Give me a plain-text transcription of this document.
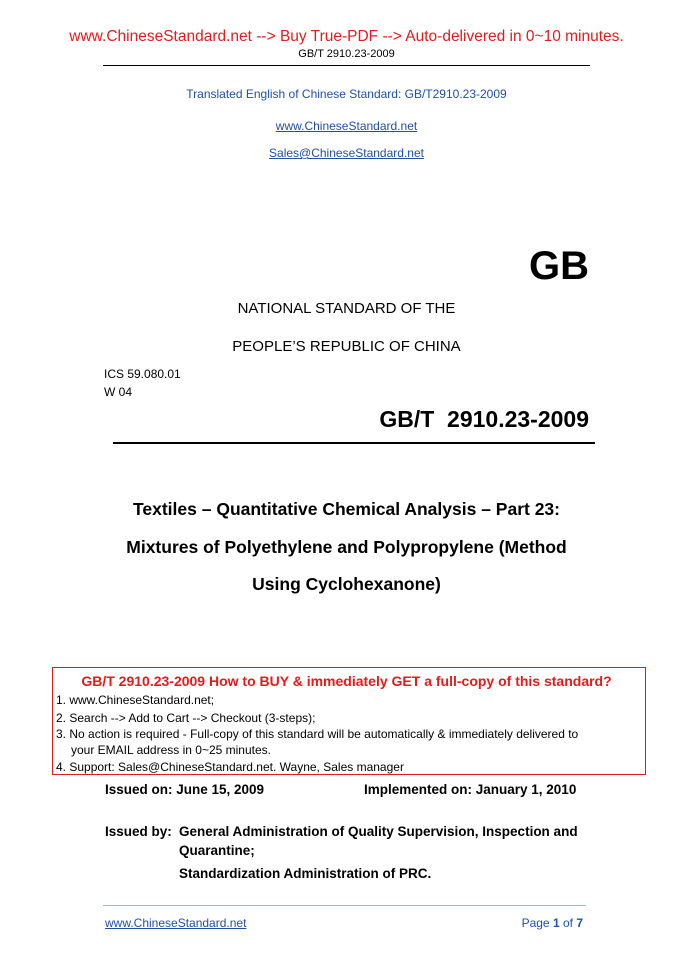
www.ChineseStandard.net --> Buy True-PDF --> Auto-delivered in 0~10 minutes.
GB/T 2910.23-2009
Translated English of Chinese Standard: GB/T2910.23-2009
www.ChineseStandard.net
Sales@ChineseStandard.net
GB
NATIONAL STANDARD OF THE
PEOPLE’S REPUBLIC OF CHINA
ICS 59.080.01
W 04
GB/T  2910.23-2009
Textiles – Quantitative Chemical Analysis – Part 23:
Mixtures of Polyethylene and Polypropylene (Method
Using Cyclohexanone)
GB/T 2910.23-2009 How to BUY & immediately GET a full-copy of this standard?
1. www.ChineseStandard.net;
2. Search --> Add to Cart --> Checkout (3-steps);
3. No action is required - Full-copy of this standard will be automatically & immediately delivered to
your EMAIL address in 0~25 minutes.
4. Support: Sales@ChineseStandard.net. Wayne, Sales manager
Issued on: June 15, 2009	Implemented on: January 1, 2010
Issued by: General Administration of Quality Supervision, Inspection and
Quarantine;
Standardization Administration of PRC.
www.ChineseStandard.net	Page 1 of 7
